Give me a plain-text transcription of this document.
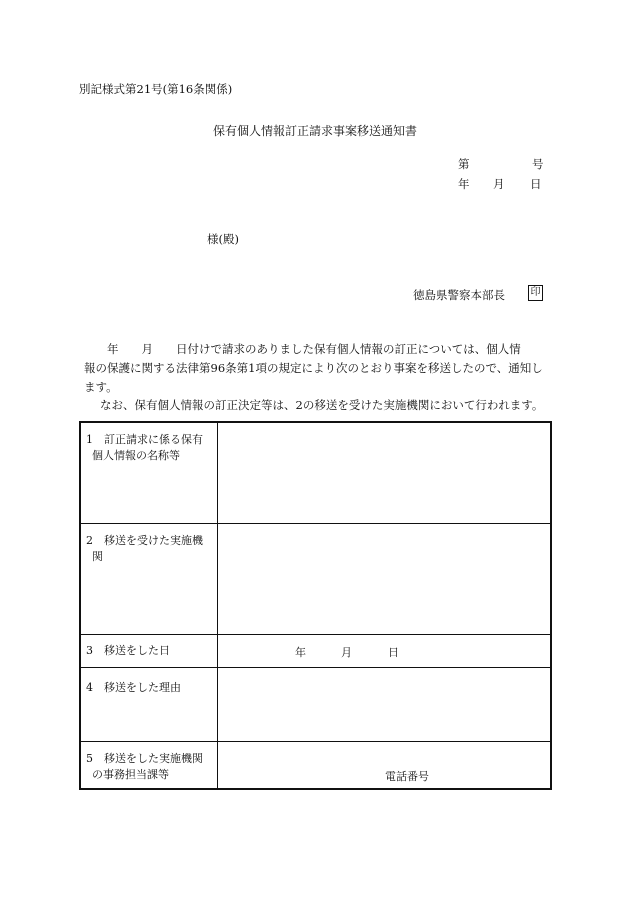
別記様式第21号(第16条関係)
保有個人情報訂正請求事案移送通知書
第	号
年 月 日
様(殿)
徳島県警察本部長	印
　　年　　月　　日付けで請求のありました保有個人情報の訂正については、個人情
報の保護に関する法律第96条第1項の規定により次のとおり事案を移送したので、通知し
ます。
なお、保有個人情報の訂正決定等は、2の移送を受けた実施機関において行われます。
1　訂正請求に係る保有
個人情報の名称等
2　移送を受けた実施機
関
3　移送をした日	年	月	日
4　移送をした理由
5　移送をした実施機関
の事務担当課等	電話番号
